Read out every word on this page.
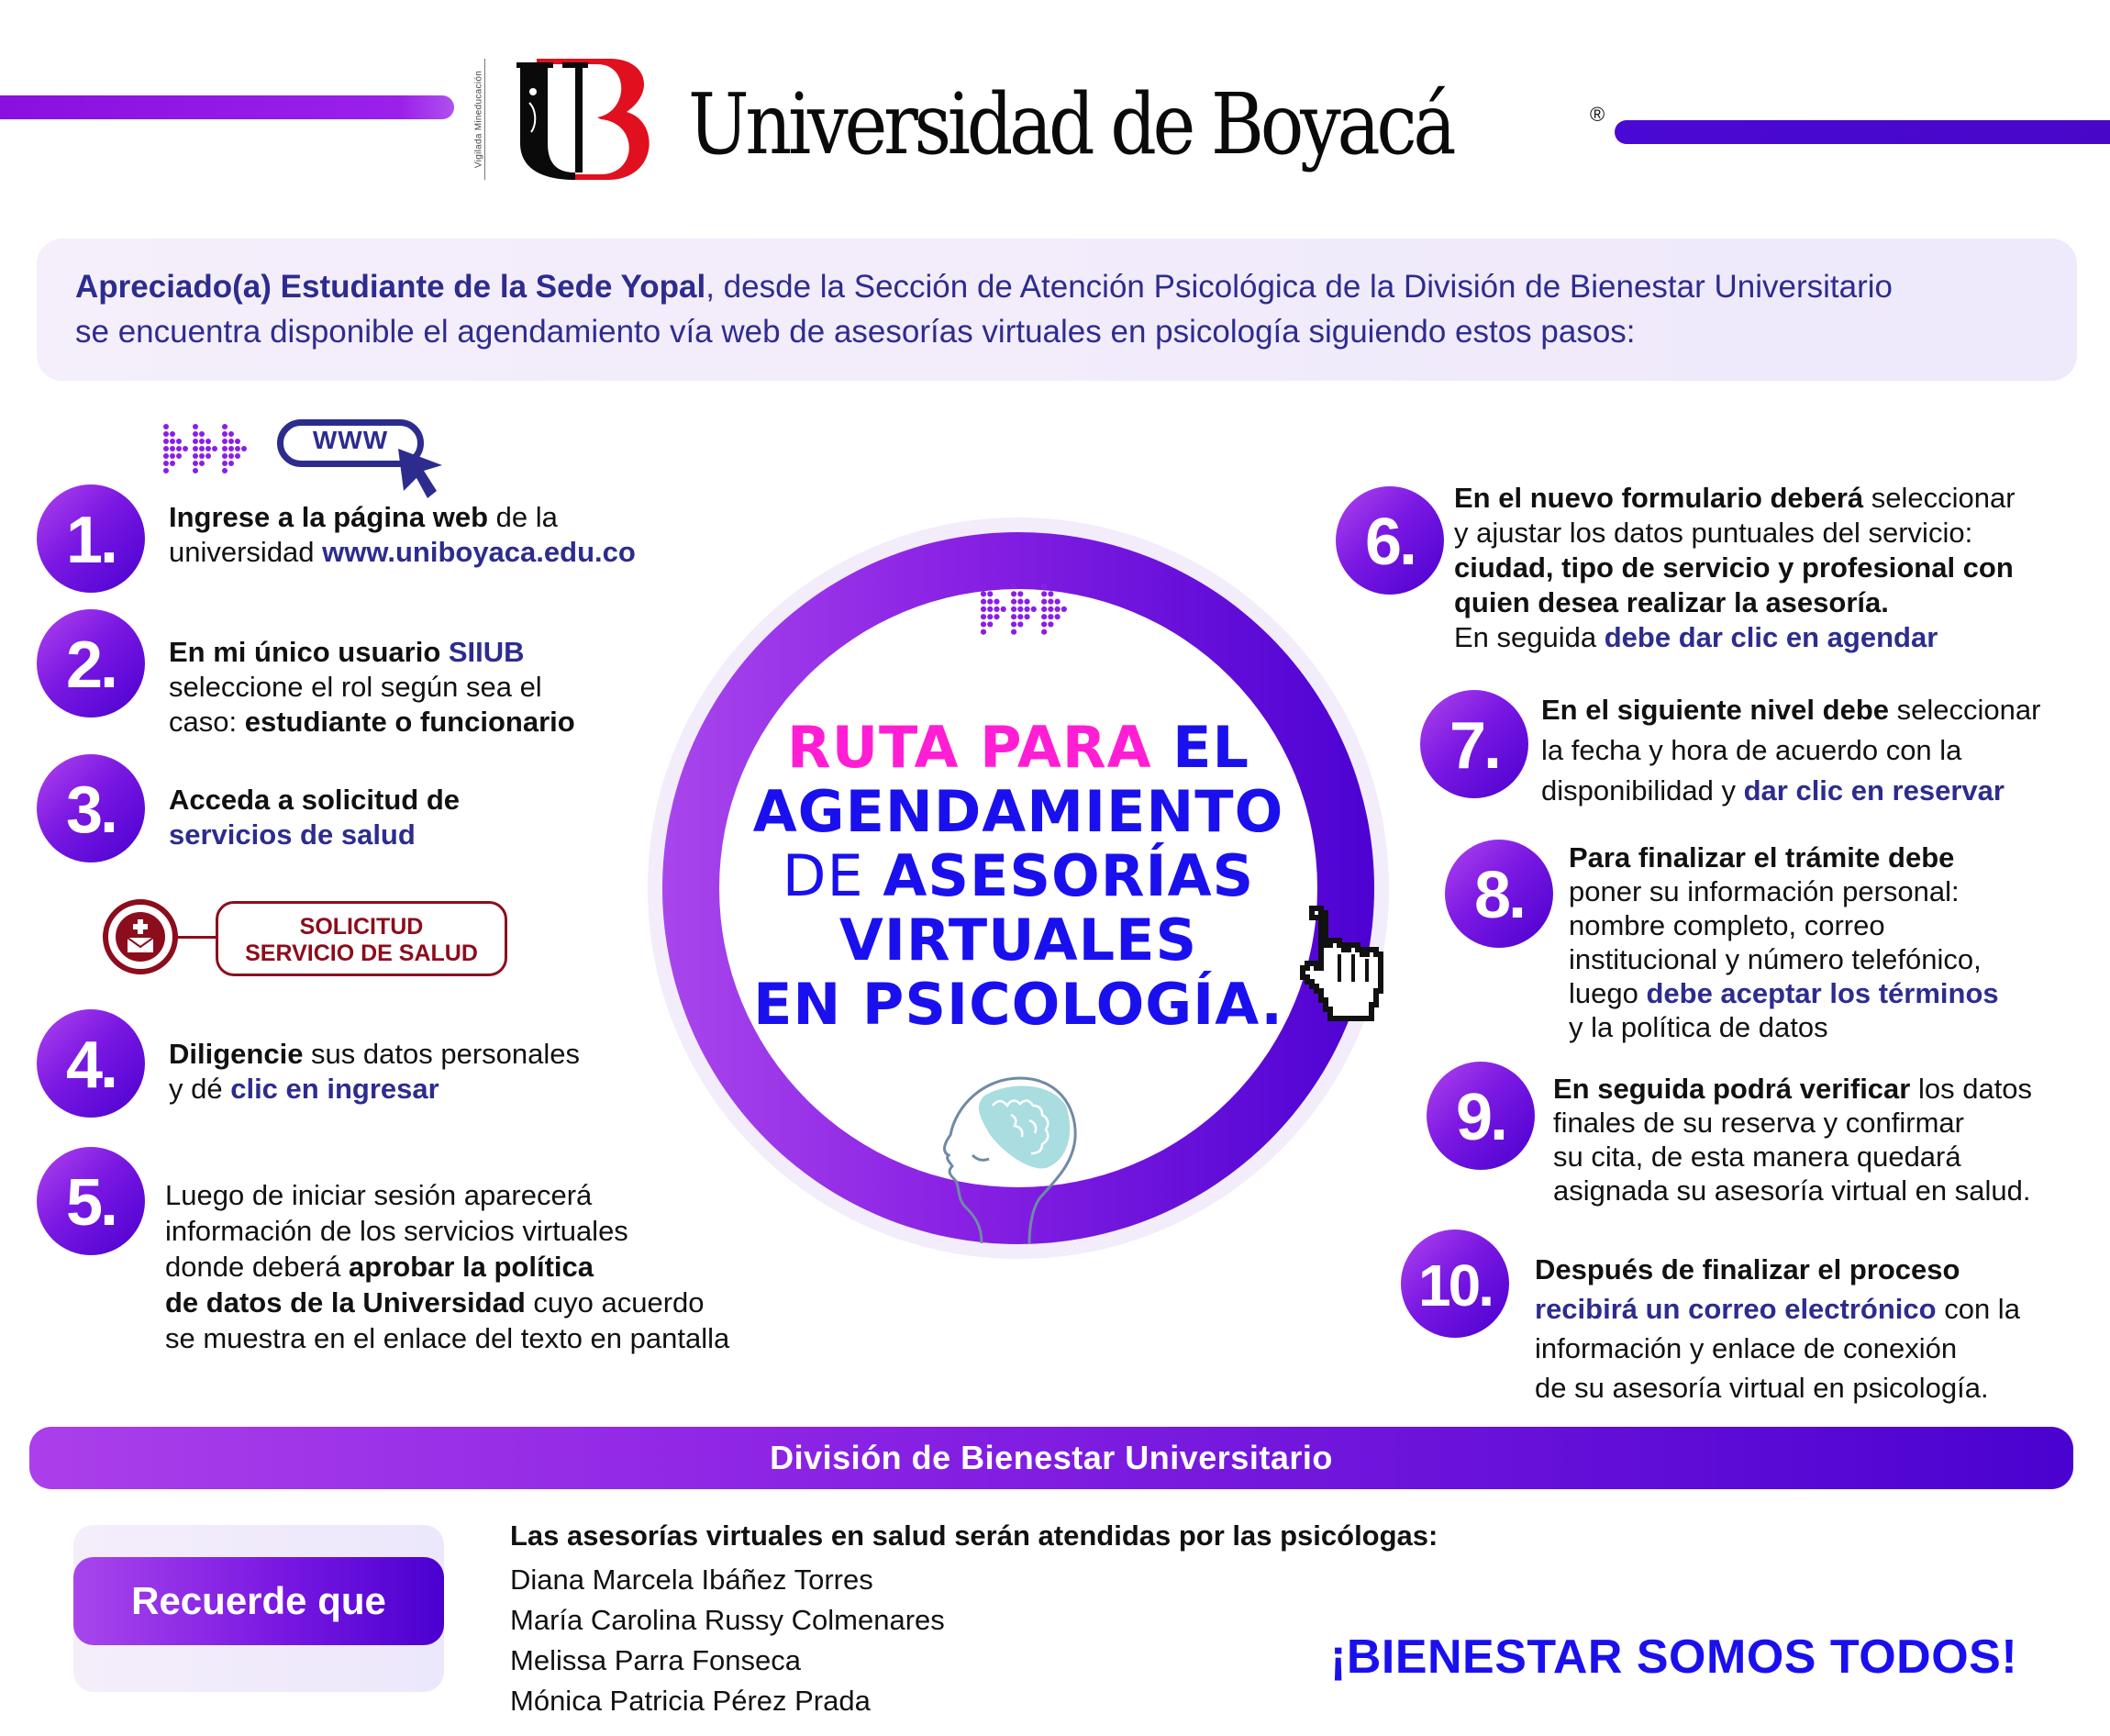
Vigilada Mineducación Universidad de Boyacá	®
Apreciado(a) Estudiante de la Sede Yopal, desde la Sección de Atención Psicológica de la División de Bienestar Universitario
se encuentra disponible el agendamiento vía web de asesorías virtuales en psicología siguiendo estos pasos:
WWW
RUTA PARA EL
AGENDAMIENTO
DE ASESORÍAS
VIRTUALES
EN PSICOLOGÍA.
1.	Ingrese a la página web de la
universidad www.uniboyaca.edu.co
2.	En mi único usuario SIIUB
seleccione el rol según sea el
caso: estudiante o funcionario
3.	Acceda a solicitud de
servicios de salud
SOLICITUD
SERVICIO DE SALUD
4.	Diligencie sus datos personales
y dé clic en ingresar
5.	Luego de iniciar sesión aparecerá
información de los servicios virtuales
donde deberá aprobar la política
de datos de la Universidad cuyo acuerdo
se muestra en el enlace del texto en pantalla
6.
En el nuevo formulario deberá seleccionar
y ajustar los datos puntuales del servicio:
ciudad, tipo de servicio y profesional con
quien desea realizar la asesoría.
En seguida debe dar clic en agendar
7.	En el siguiente nivel debe seleccionar
la fecha y hora de acuerdo con la
disponibilidad y dar clic en reservar
8.
Para finalizar el trámite debe
poner su información personal:
nombre completo, correo
institucional y número telefónico,
luego debe aceptar los términos
y la política de datos
9.	En seguida podrá verificar los datos
finales de su reserva y confirmar
su cita, de esta manera quedará
asignada su asesoría virtual en salud.
10.	Después de finalizar el proceso
recibirá un correo electrónico con la
información y enlace de conexión
de su asesoría virtual en psicología.
División de Bienestar Universitario
Recuerde que
Las asesorías virtuales en salud serán atendidas por las psicólogas:
Diana Marcela Ibáñez Torres
María Carolina Russy Colmenares
Melissa Parra Fonseca
Mónica Patricia Pérez Prada
¡BIENESTAR SOMOS TODOS!
